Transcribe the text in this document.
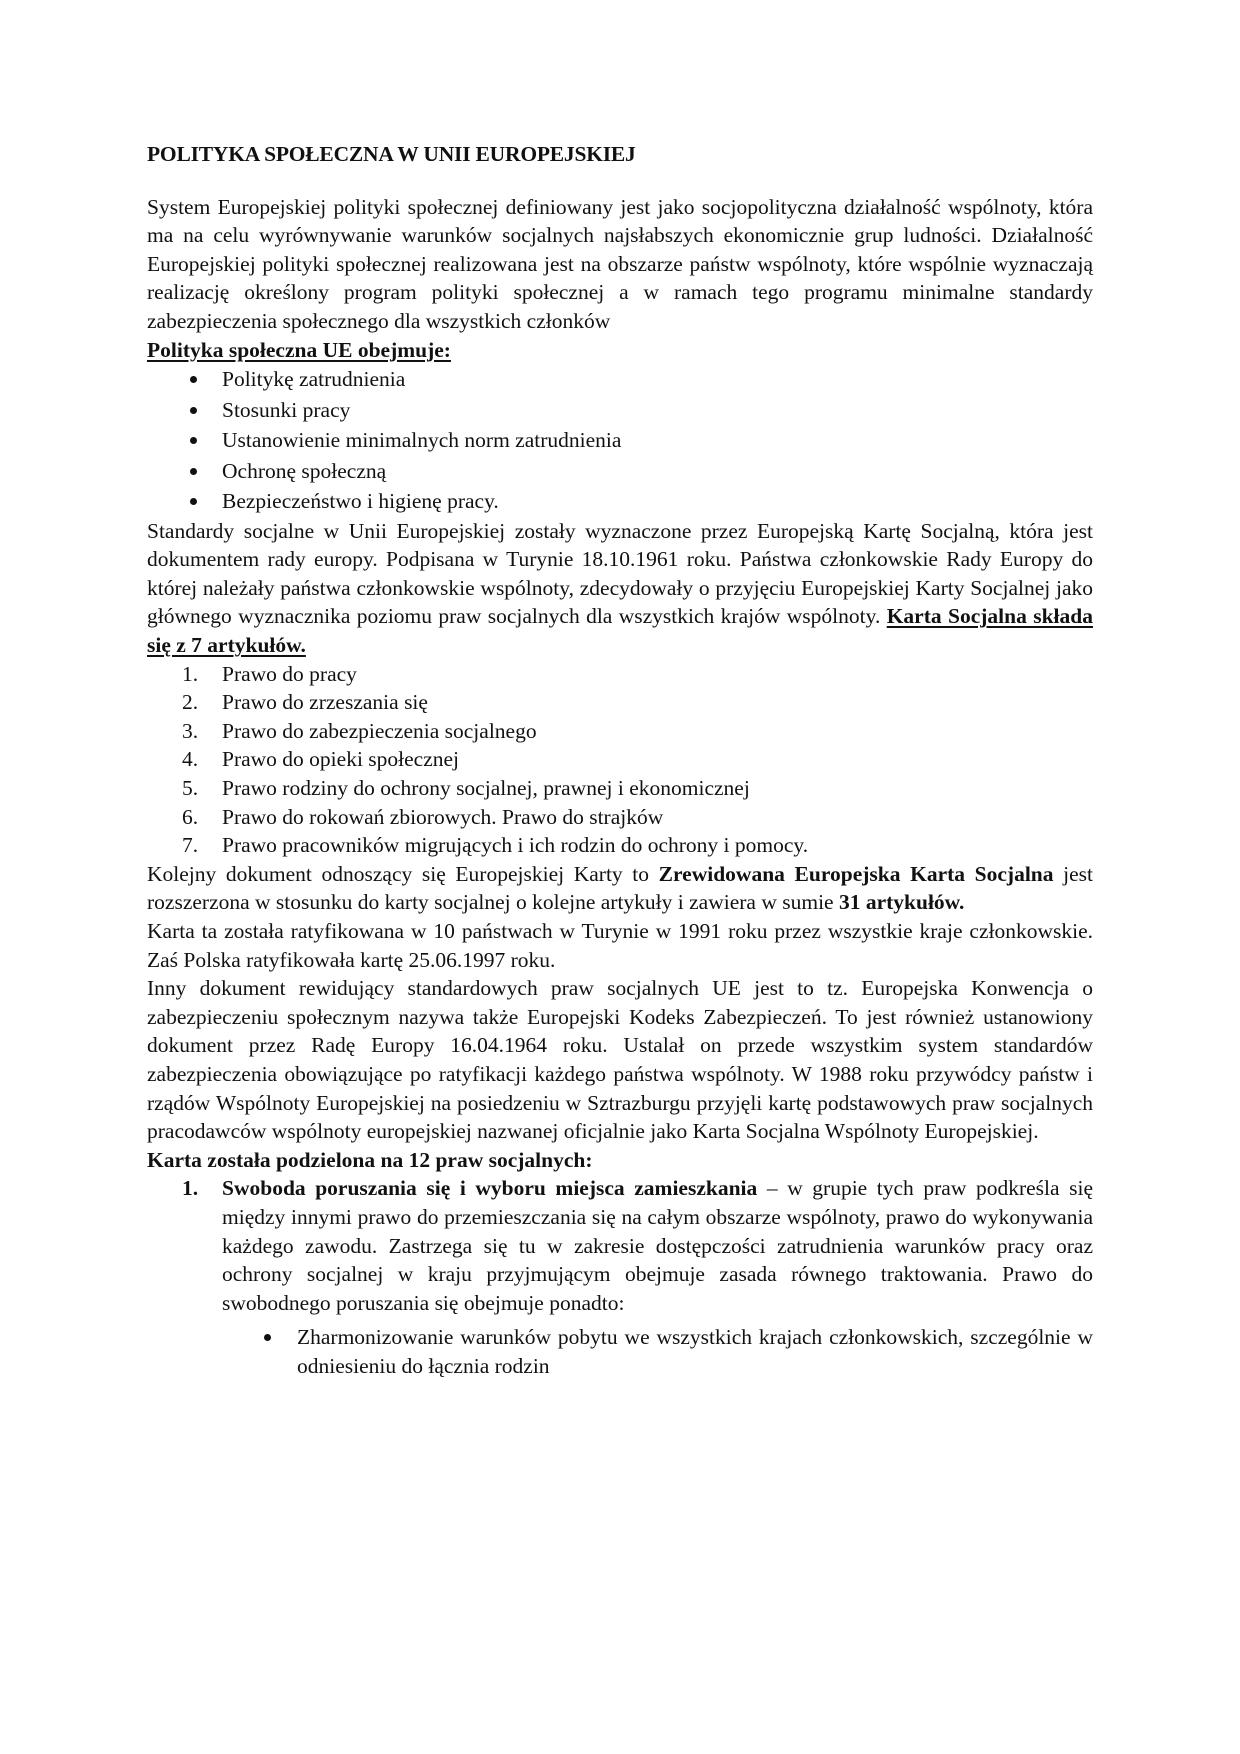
POLITYKA SPOŁECZNA W UNII EUROPEJSKIEJ

System Europejskiej polityki społecznej definiowany jest jako socjopolityczna działalność wspólnoty, która ma na celu wyrównywanie warunków socjalnych najsłabszych ekonomicznie grup ludności. Działalność Europejskiej polityki społecznej realizowana jest na obszarze państw wspólnoty, które wspólnie wyznaczają realizację określony program polityki społecznej a w ramach tego programu minimalne standardy zabezpieczenia społecznego dla wszystkich członków

Polityka społeczna UE obejmuje:
Politykę zatrudnienia
Stosunki pracy
Ustanowienie minimalnych norm zatrudnienia
Ochronę społeczną
Bezpieczeństwo i higienę pracy.

Standardy socjalne w Unii Europejskiej zostały wyznaczone przez Europejską Kartę Socjalną, która jest dokumentem rady europy. Podpisana w Turynie 18.10.1961 roku. Państwa członkowskie Rady Europy do której należały państwa członkowskie wspólnoty, zdecydowały o przyjęciu Europejskiej Karty Socjalnej jako głównego wyznacznika poziomu praw socjalnych dla wszystkich krajów wspólnoty. Karta Socjalna składa się z 7 artykułów.

1.	Prawo do pracy
2.	Prawo do zrzeszania się
3.	Prawo do zabezpieczenia socjalnego
4.	Prawo do opieki społecznej
5.	Prawo rodziny do ochrony socjalnej, prawnej i ekonomicznej
6.	Prawo do rokowań zbiorowych. Prawo do strajków
7.	Prawo pracowników migrujących i ich rodzin do ochrony i pomocy.

Kolejny dokument odnoszący się Europejskiej Karty to Zrewidowana Europejska Karta Socjalna jest rozszerzona w stosunku do karty socjalnej o kolejne artykuły i zawiera w sumie 31 artykułów.

Karta ta została ratyfikowana w 10 państwach w Turynie w 1991 roku przez wszystkie kraje członkowskie. Zaś Polska ratyfikowała kartę 25.06.1997 roku.

Inny dokument rewidujący standardowych praw socjalnych UE jest to tz. Europejska Konwencja o zabezpieczeniu społecznym nazywa także Europejski Kodeks Zabezpieczeń. To jest również ustanowiony dokument przez Radę Europy 16.04.1964 roku. Ustalał on przede wszystkim system standardów zabezpieczenia obowiązujące po ratyfikacji każdego państwa wspólnoty. W 1988 roku przywódcy państw i rządów Wspólnoty Europejskiej na posiedzeniu w Sztrazburgu przyjęli kartę podstawowych praw socjalnych pracodawców wspólnoty europejskiej nazwanej oficjalnie jako Karta Socjalna Wspólnoty Europejskiej.

Karta została podzielona na 12 praw socjalnych:
1. Swoboda poruszania się i wyboru miejsca zamieszkania – w grupie tych praw podkreśla się między innymi prawo do przemieszczania się na całym obszarze wspólnoty, prawo do wykonywania każdego zawodu. Zastrzega się tu w zakresie dostępczości zatrudnienia warunków pracy oraz ochrony socjalnej w kraju przyjmującym obejmuje zasada równego traktowania. Prawo do swobodnego poruszania się obejmuje ponadto:
Zharmonizowanie warunków pobytu we wszystkich krajach członkowskich, szczególnie w odniesieniu do łącznia rodzin
